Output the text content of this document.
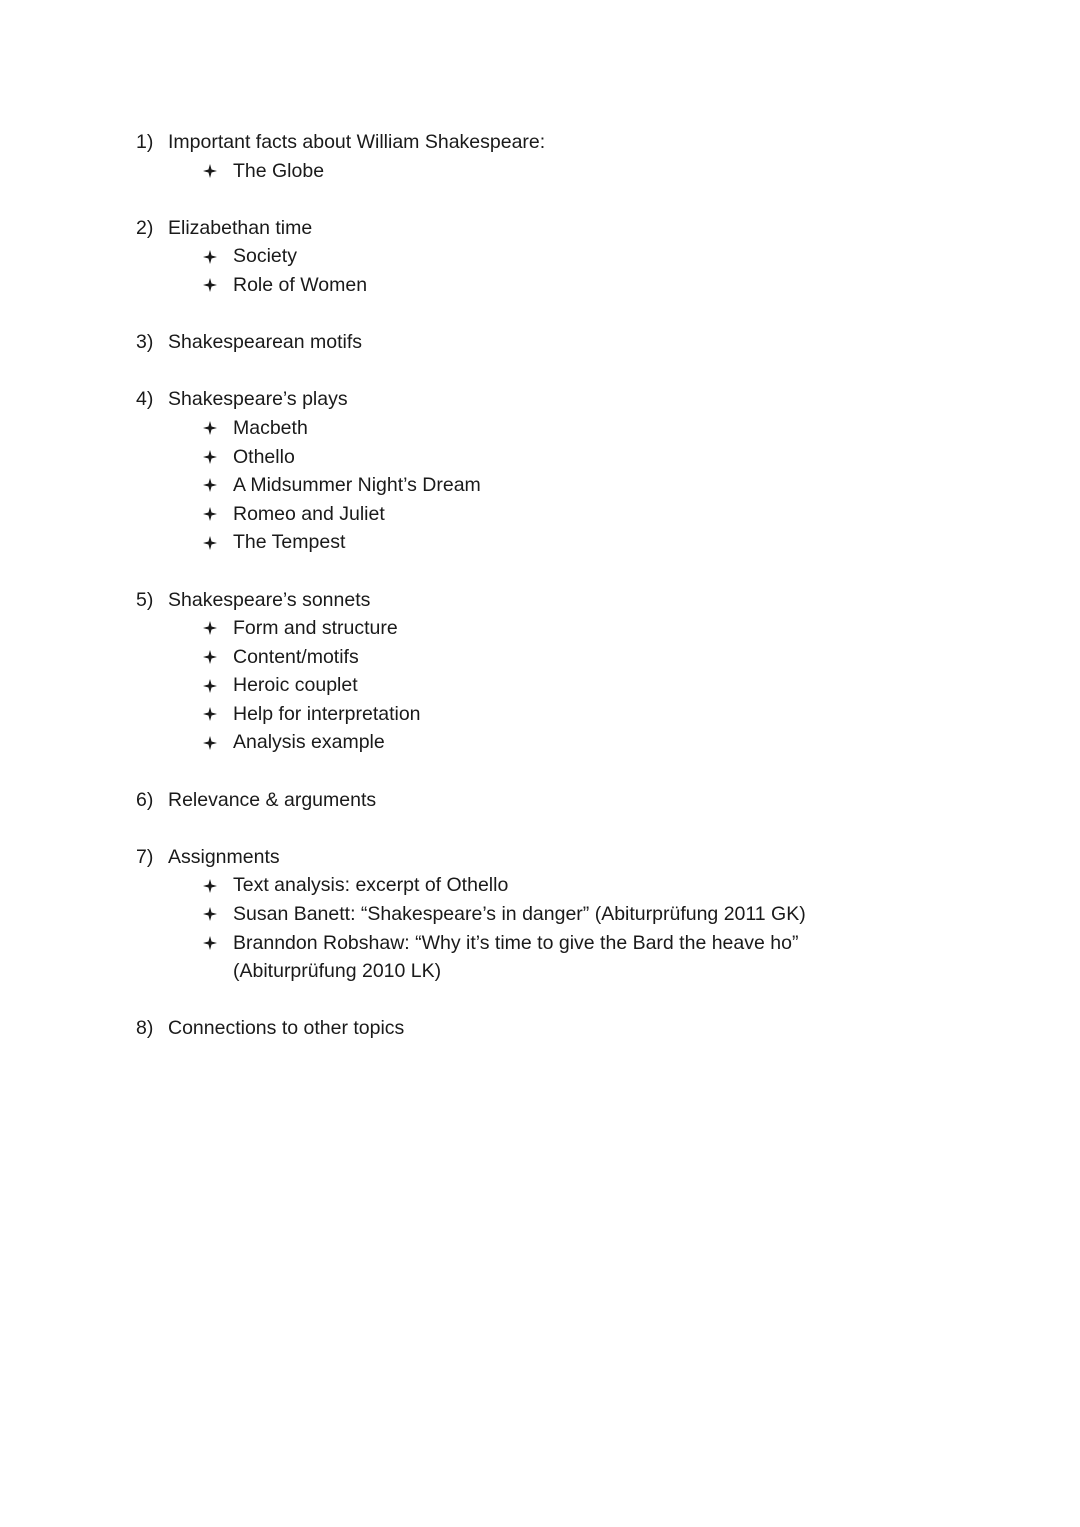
1) Important facts about William Shakespeare:
The Globe
2) Elizabethan time
Society
Role of Women
3) Shakespearean motifs
4) Shakespeare’s plays
Macbeth
Othello
A Midsummer Night’s Dream
Romeo and Juliet
The Tempest
5) Shakespeare’s sonnets
Form and structure
Content/motifs
Heroic couplet
Help for interpretation
Analysis example
6) Relevance & arguments
7) Assignments
Text analysis: excerpt of Othello
Susan Banett: “Shakespeare’s in danger” (Abiturprüfung 2011 GK)
Branndon Robshaw: “Why it’s time to give the Bard the heave ho”
(Abiturprüfung 2010 LK)
8) Connections to other topics
